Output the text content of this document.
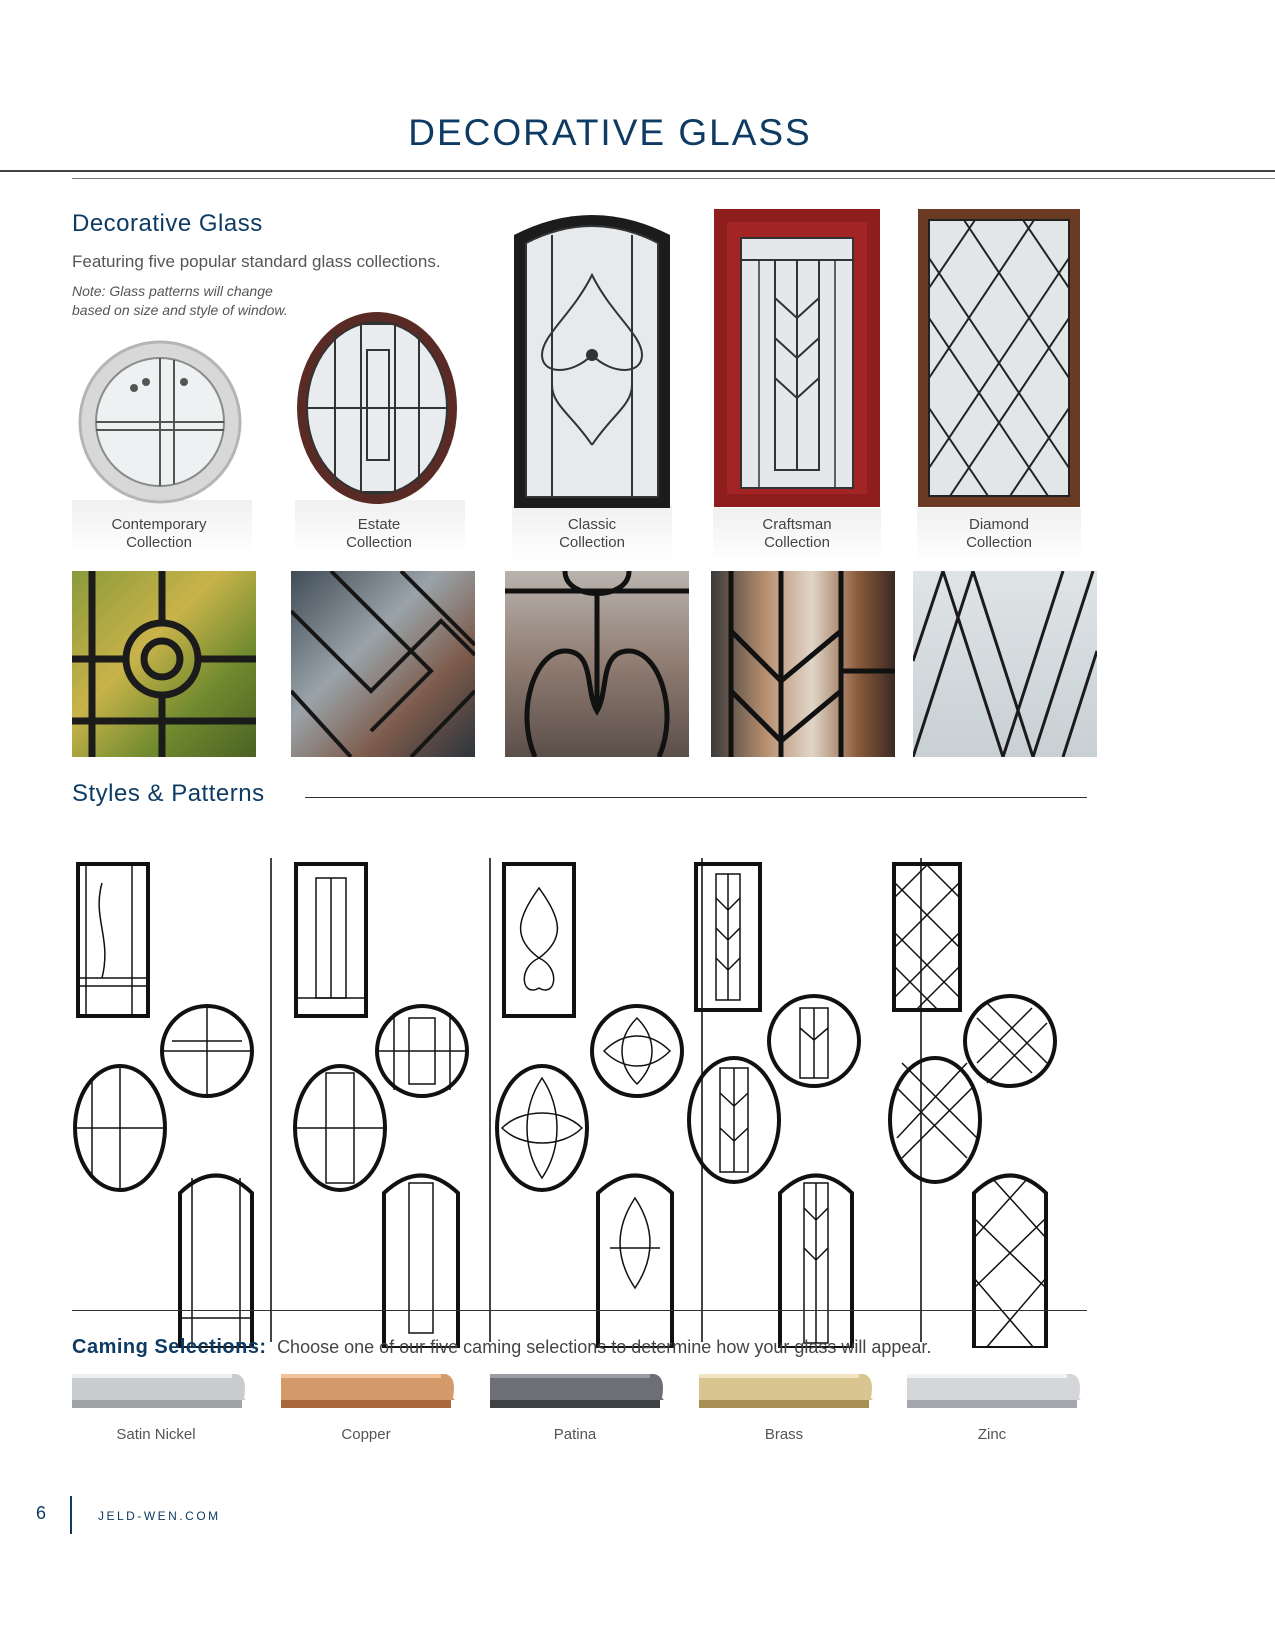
DECORATIVE GLASS
Decorative Glass
Featuring five popular standard glass collections.
Note: Glass patterns will change
based on size and style of window.
Contemporary
Collection
Estate
Collection
Classic
Collection
Craftsman
Collection
Diamond
Collection
Styles & Patterns
Caming Selections: Choose one of our five caming selections to determine how your glass will appear.
Satin Nickel	Copper	Patina	Brass	Zinc
6	JELD-WEN.COM
